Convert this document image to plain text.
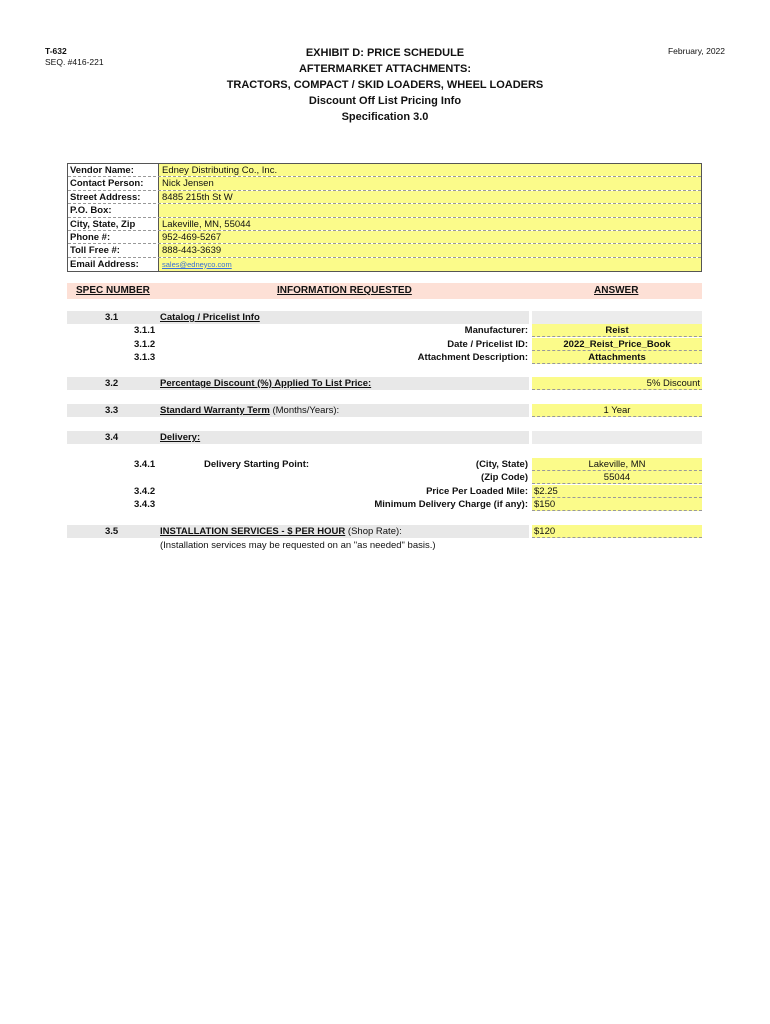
T-632
SEQ. #416-221
February, 2022
EXHIBIT D: PRICE SCHEDULE
AFTERMARKET ATTACHMENTS:
TRACTORS, COMPACT / SKID LOADERS, WHEEL LOADERS
Discount Off List Pricing Info
Specification 3.0
Vendor Name:	Edney Distributing Co., Inc.
Contact Person:	Nick Jensen
Street Address:	8485 215th St W
P.O. Box:
City, State, Zip	Lakeville, MN, 55044
Phone #:	952-469-5267
Toll Free #:	888-443-3639
Email Address:	sales@edneyco.com
SPEC NUMBER	INFORMATION REQUESTED	ANSWER
3.1	Catalog / Pricelist Info
3.1.1	Manufacturer:	Reist
3.1.2	Date / Pricelist ID:	2022_Reist_Price_Book
3.1.3	Attachment Description:	Attachments
3.2	Percentage Discount (%) Applied To List Price:	5% Discount
3.3	Standard Warranty Term (Months/Years):	1 Year
3.4	Delivery:
3.4.1	Delivery Starting Point:	(City, State)	Lakeville, MN
(Zip Code)	55044
3.4.2	Price Per Loaded Mile: $2.25
3.4.3	Minimum Delivery Charge (if any): $150
3.5	INSTALLATION SERVICES - $ PER HOUR (Shop Rate):	$120
(Installation services may be requested on an "as needed" basis.)
